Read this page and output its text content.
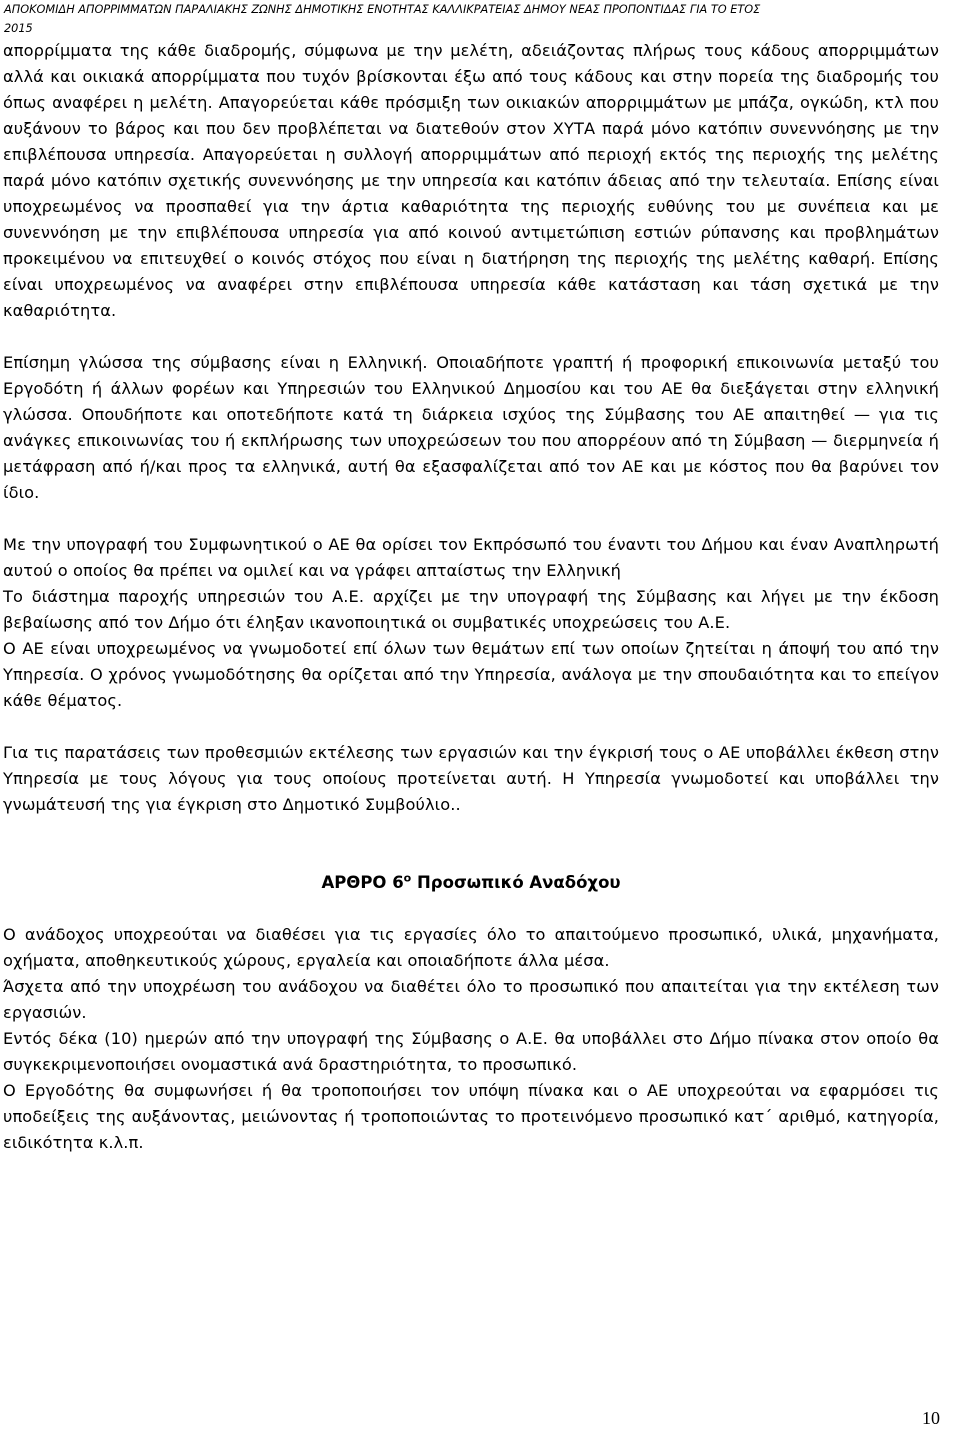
ΑΠΟΚΟΜΙΔΗ ΑΠΟΡΡΙΜΜΑΤΩΝ ΠΑΡΑΛΙΑΚΗΣ ΖΩΝΗΣ ΔΗΜΟΤΙΚΗΣ ΕΝΟΤΗΤΑΣ ΚΑΛΛΙΚΡΑΤΕΙΑΣ ΔΗΜΟΥ ΝΕΑΣ ΠΡΟΠΟΝΤΙΔΑΣ ΓΙΑ ΤΟ ΕΤΟΣ
2015

απορρίμματα της κάθε διαδρομής, σύμφωνα με την μελέτη, αδειάζοντας πλήρως τους κάδους απορριμμάτων αλλά και οικιακά απορρίμματα που τυχόν βρίσκονται έξω από τους κάδους και στην πορεία της διαδρομής του όπως αναφέρει η μελέτη. Απαγορεύεται κάθε πρόσμιξη των οικιακών απορριμμάτων με μπάζα, ογκώδη, κτλ που αυξάνουν το βάρος και που δεν προβλέπεται να διατεθούν στον ΧΥΤΑ παρά μόνο κατόπιν συνεννόησης με την επιβλέπουσα υπηρεσία. Απαγορεύεται η συλλογή απορριμμάτων από περιοχή εκτός της περιοχής της μελέτης παρά μόνο κατόπιν σχετικής συνεννόησης με την υπηρεσία και κατόπιν άδειας από την τελευταία. Επίσης είναι υποχρεωμένος να προσπαθεί για την άρτια καθαριότητα της περιοχής ευθύνης του με συνέπεια και με συνεννόηση με την επιβλέπουσα υπηρεσία για από κοινού αντιμετώπιση εστιών ρύπανσης και προβλημάτων προκειμένου να επιτευχθεί ο κοινός στόχος που είναι η διατήρηση της περιοχής της μελέτης καθαρή. Επίσης είναι υποχρεωμένος να αναφέρει στην επιβλέπουσα υπηρεσία κάθε κατάσταση και τάση σχετικά με την καθαριότητα.

Επίσημη γλώσσα της σύμβασης είναι η Ελληνική. Οποιαδήποτε γραπτή ή προφορική επικοινωνία μεταξύ του Εργοδότη ή άλλων φορέων και Υπηρεσιών του Ελληνικού Δημοσίου και του ΑΕ θα διεξάγεται στην ελληνική γλώσσα. Οπουδήποτε και οποτεδήποτε κατά τη διάρκεια ισχύος της Σύμβασης του ΑΕ απαιτηθεί — για τις ανάγκες επικοινωνίας του ή εκπλήρωσης των υποχρεώσεων του που απορρέουν από τη Σύμβαση — διερμηνεία ή μετάφραση από ή/και προς τα ελληνικά, αυτή θα εξασφαλίζεται από τον ΑΕ και με κόστος που θα βαρύνει τον ίδιο.

Με την υπογραφή του Συμφωνητικού ο ΑΕ θα ορίσει τον Εκπρόσωπό του έναντι του Δήμου και έναν Αναπληρωτή αυτού ο οποίος θα πρέπει να ομιλεί και να γράφει απταίστως την Ελληνική

Το διάστημα παροχής υπηρεσιών του Α.Ε. αρχίζει με την υπογραφή της Σύμβασης και λήγει με την έκδοση βεβαίωσης από τον Δήμο ότι έληξαν ικανοποιητικά οι συμβατικές υποχρεώσεις του Α.Ε.

Ο ΑΕ είναι υποχρεωμένος να γνωμοδοτεί επί όλων των θεμάτων επί των οποίων ζητείται η άποψή του από την Υπηρεσία. Ο χρόνος γνωμοδότησης θα ορίζεται από την Υπηρεσία, ανάλογα με την σπουδαιότητα και το επείγον κάθε θέματος.

Για τις παρατάσεις των προθεσμιών εκτέλεσης των εργασιών και την έγκρισή τους ο ΑΕ υποβάλλει έκθεση στην Υπηρεσία με τους λόγους για τους οποίους προτείνεται αυτή. Η Υπηρεσία γνωμοδοτεί και υποβάλλει την γνωμάτευσή της για έγκριση στο Δημοτικό Συμβούλιο..

ΑΡΘΡΟ $6^o$ Προσωπικό Αναδόχου

Ο ανάδοχος υποχρεούται να διαθέσει για τις εργασίες όλο το απαιτούμενο προσωπικό, υλικά, μηχανήματα, οχήματα, αποθηκευτικούς χώρους, εργαλεία και οποιαδήποτε άλλα μέσα.

Άσχετα από την υποχρέωση του ανάδοχου να διαθέτει όλο το προσωπικό που απαιτείται για την εκτέλεση των εργασιών.

Εντός δέκα (10) ημερών από την υπογραφή της Σύμβασης ο Α.Ε. θα υποβάλλει στο Δήμο πίνακα στον οποίο θα συγκεκριμενοποιήσει ονομαστικά ανά δραστηριότητα, το προσωπικό.

Ο Εργοδότης θα συμφωνήσει ή θα τροποποιήσει τον υπόψη πίνακα και ο ΑΕ υποχρεούται να εφαρμόσει τις υποδείξεις της αυξάνοντας, μειώνοντας ή τροποποιώντας το προτεινόμενο προσωπικό κατ΄ αριθμό, κατηγορία, ειδικότητα κ.λ.π.

10
